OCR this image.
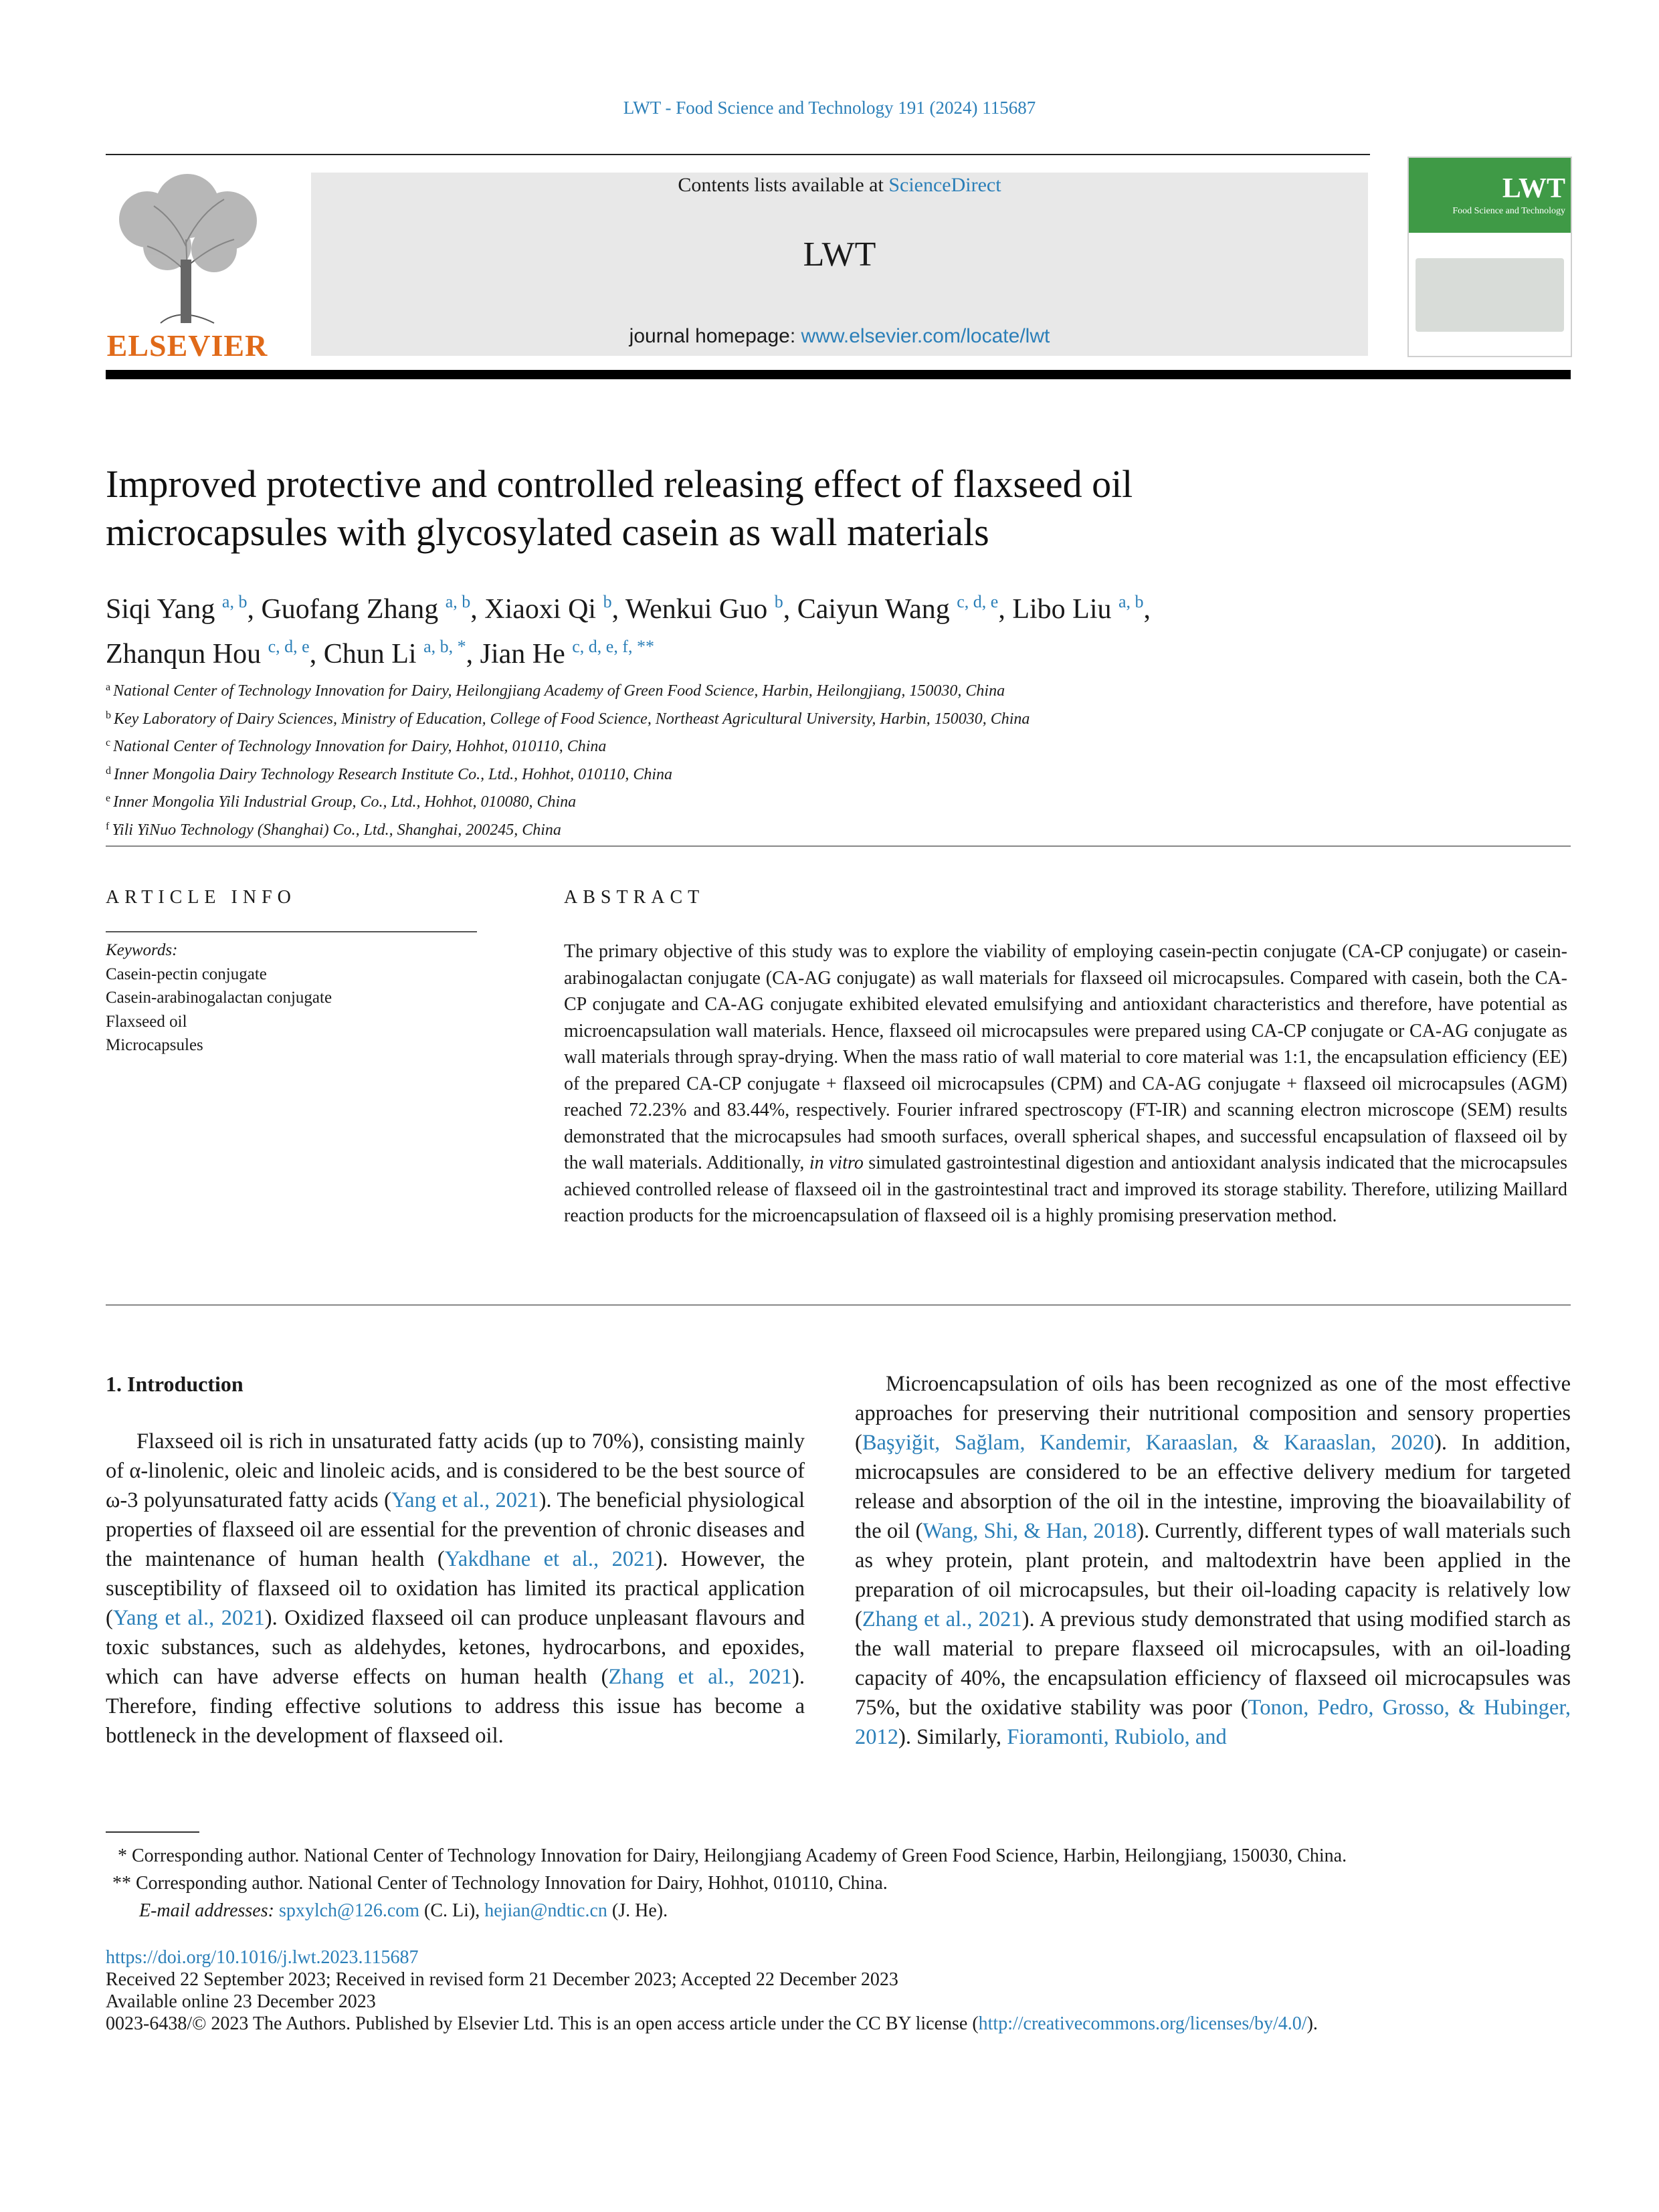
LWT - Food Science and Technology 191 (2024) 115687
ELSEVIER
Contents lists available at ScienceDirect
LWT
journal homepage: www.elsevier.com/locate/lwt
LWT
Food Science and Technology
Improved protective and controlled releasing effect of flaxseed oil
microcapsules with glycosylated casein as wall materials
Siqi Yang $^{a, b}$, Guofang Zhang $^{a, b}$, Xiaoxi Qi $^b$, Wenkui Guo $^b$, Caiyun Wang $^{c, d, e}$, Libo Liu $^{a, b}$,
Zhanqun Hou $^{c, d, e}$, Chun Li $^{a, b, *}$, Jian He $^{c, d, e, f, **}$
$^a$ National Center of Technology Innovation for Dairy, Heilongjiang Academy of Green Food Science, Harbin, Heilongjiang, 150030, China
$^b$ Key Laboratory of Dairy Sciences, Ministry of Education, College of Food Science, Northeast Agricultural University, Harbin, 150030, China
$^c$ National Center of Technology Innovation for Dairy, Hohhot, 010110, China
$^d$ Inner Mongolia Dairy Technology Research Institute Co., Ltd., Hohhot, 010110, China
$^e$ Inner Mongolia Yili Industrial Group, Co., Ltd., Hohhot, 010080, China
$^f$ Yili YiNuo Technology (Shanghai) Co., Ltd., Shanghai, 200245, China
ARTICLE INFO	ABSTRACT
Keywords:
Casein-pectin conjugate
Casein-arabinogalactan conjugate
Flaxseed oil
Microcapsules
The primary objective of this study was to explore the viability of employing casein-pectin conjugate (CA-CP conjugate) or casein-arabinogalactan conjugate (CA-AG conjugate) as wall materials for flaxseed oil microcapsules. Compared with casein, both the CA-CP conjugate and CA-AG conjugate exhibited elevated emulsifying and antioxidant characteristics and therefore, have potential as microencapsulation wall materials. Hence, flaxseed oil microcapsules were prepared using CA-CP conjugate or CA-AG conjugate as wall materials through spray-drying. When the mass ratio of wall material to core material was 1:1, the encapsulation efficiency (EE) of the prepared CA-CP conjugate + flaxseed oil microcapsules (CPM) and CA-AG conjugate + flaxseed oil microcapsules (AGM) reached 72.23% and 83.44%, respectively. Fourier infrared spectroscopy (FT-IR) and scanning electron microscope (SEM) results demonstrated that the microcapsules had smooth surfaces, overall spherical shapes, and successful encapsulation of flaxseed oil by the wall materials. Additionally, in vitro simulated gastrointestinal digestion and antioxidant analysis indicated that the microcapsules achieved controlled release of flaxseed oil in the gastrointestinal tract and improved its storage stability. Therefore, utilizing Maillard reaction products for the microencapsulation of flaxseed oil is a highly promising preservation method.
1. Introduction

Flaxseed oil is rich in unsaturated fatty acids (up to 70%), consisting mainly of α-linolenic, oleic and linoleic acids, and is considered to be the best source of ω-3 polyunsaturated fatty acids (Yang et al., 2021). The beneficial physiological properties of flaxseed oil are essential for the prevention of chronic diseases and the maintenance of human health (Yakdhane et al., 2021). However, the susceptibility of flaxseed oil to oxidation has limited its practical application (Yang et al., 2021). Oxidized flaxseed oil can produce unpleasant flavours and toxic substances, such as aldehydes, ketones, hydrocarbons, and epoxides, which can have adverse effects on human health (Zhang et al., 2021). Therefore, finding effective solutions to address this issue has become a bottleneck in the development of flaxseed oil.

Microencapsulation of oils has been recognized as one of the most effective approaches for preserving their nutritional composition and sensory properties (Başyiğit, Sağlam, Kandemir, Karaaslan, & Karaaslan, 2020). In addition, microcapsules are considered to be an effective delivery medium for targeted release and absorption of the oil in the intestine, improving the bioavailability of the oil (Wang, Shi, & Han, 2018). Currently, different types of wall materials such as whey protein, plant protein, and maltodextrin have been applied in the preparation of oil microcapsules, but their oil-loading capacity is relatively low (Zhang et al., 2021). A previous study demonstrated that using modified starch as the wall material to prepare flaxseed oil microcapsules, with an oil-loading capacity of 40%, the encapsulation efficiency of flaxseed oil microcapsules was 75%, but the oxidative stability was poor (Tonon, Pedro, Grosso, & Hubinger, 2012). Similarly, Fioramonti, Rubiolo, and

* Corresponding author. National Center of Technology Innovation for Dairy, Heilongjiang Academy of Green Food Science, Harbin, Heilongjiang, 150030, China.
** Corresponding author. National Center of Technology Innovation for Dairy, Hohhot, 010110, China.
E-mail addresses: spxylch@126.com (C. Li), hejian@ndtic.cn (J. He).
https://doi.org/10.1016/j.lwt.2023.115687
Received 22 September 2023; Received in revised form 21 December 2023; Accepted 22 December 2023
Available online 23 December 2023
0023-6438/© 2023 The Authors. Published by Elsevier Ltd. This is an open access article under the CC BY license (http://creativecommons.org/licenses/by/4.0/).
